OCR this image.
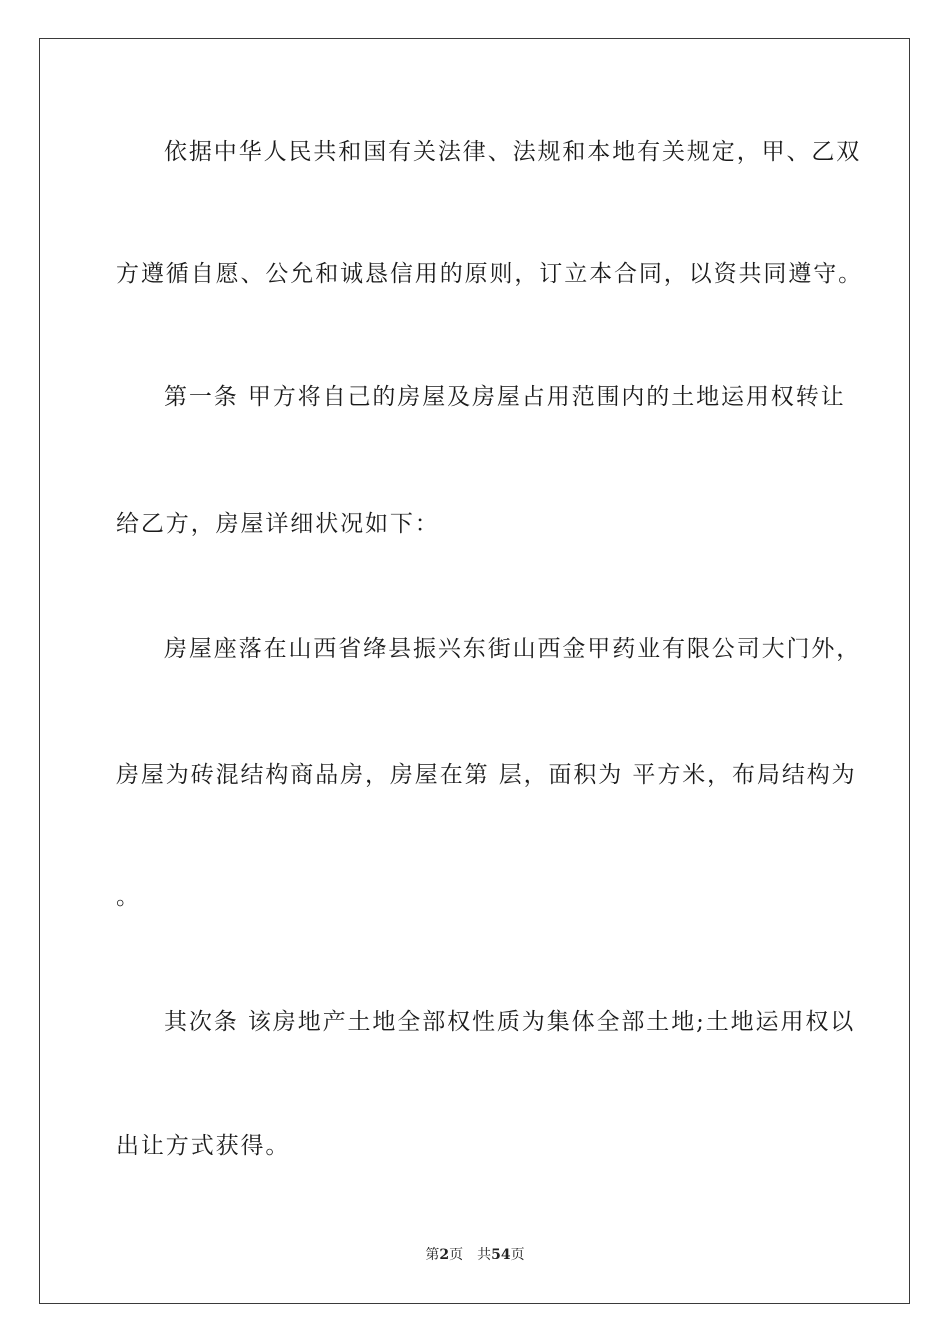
依据中华人民共和国有关法律、法规和本地有关规定，甲、乙双
方遵循自愿、公允和诚恳信用的原则，订立本合同，以资共同遵守。
第一条 甲方将自己的房屋及房屋占用范围内的土地运用权转让
给乙方，房屋详细状况如下：
房屋座落在山西省绛县振兴东街山西金甲药业有限公司大门外，
房屋为砖混结构商品房，房屋在第 层，面积为 平方米，布局结构为
。
其次条 该房地产土地全部权性质为集体全部土地;土地运用权以
出让方式获得。
第2页 共54页
